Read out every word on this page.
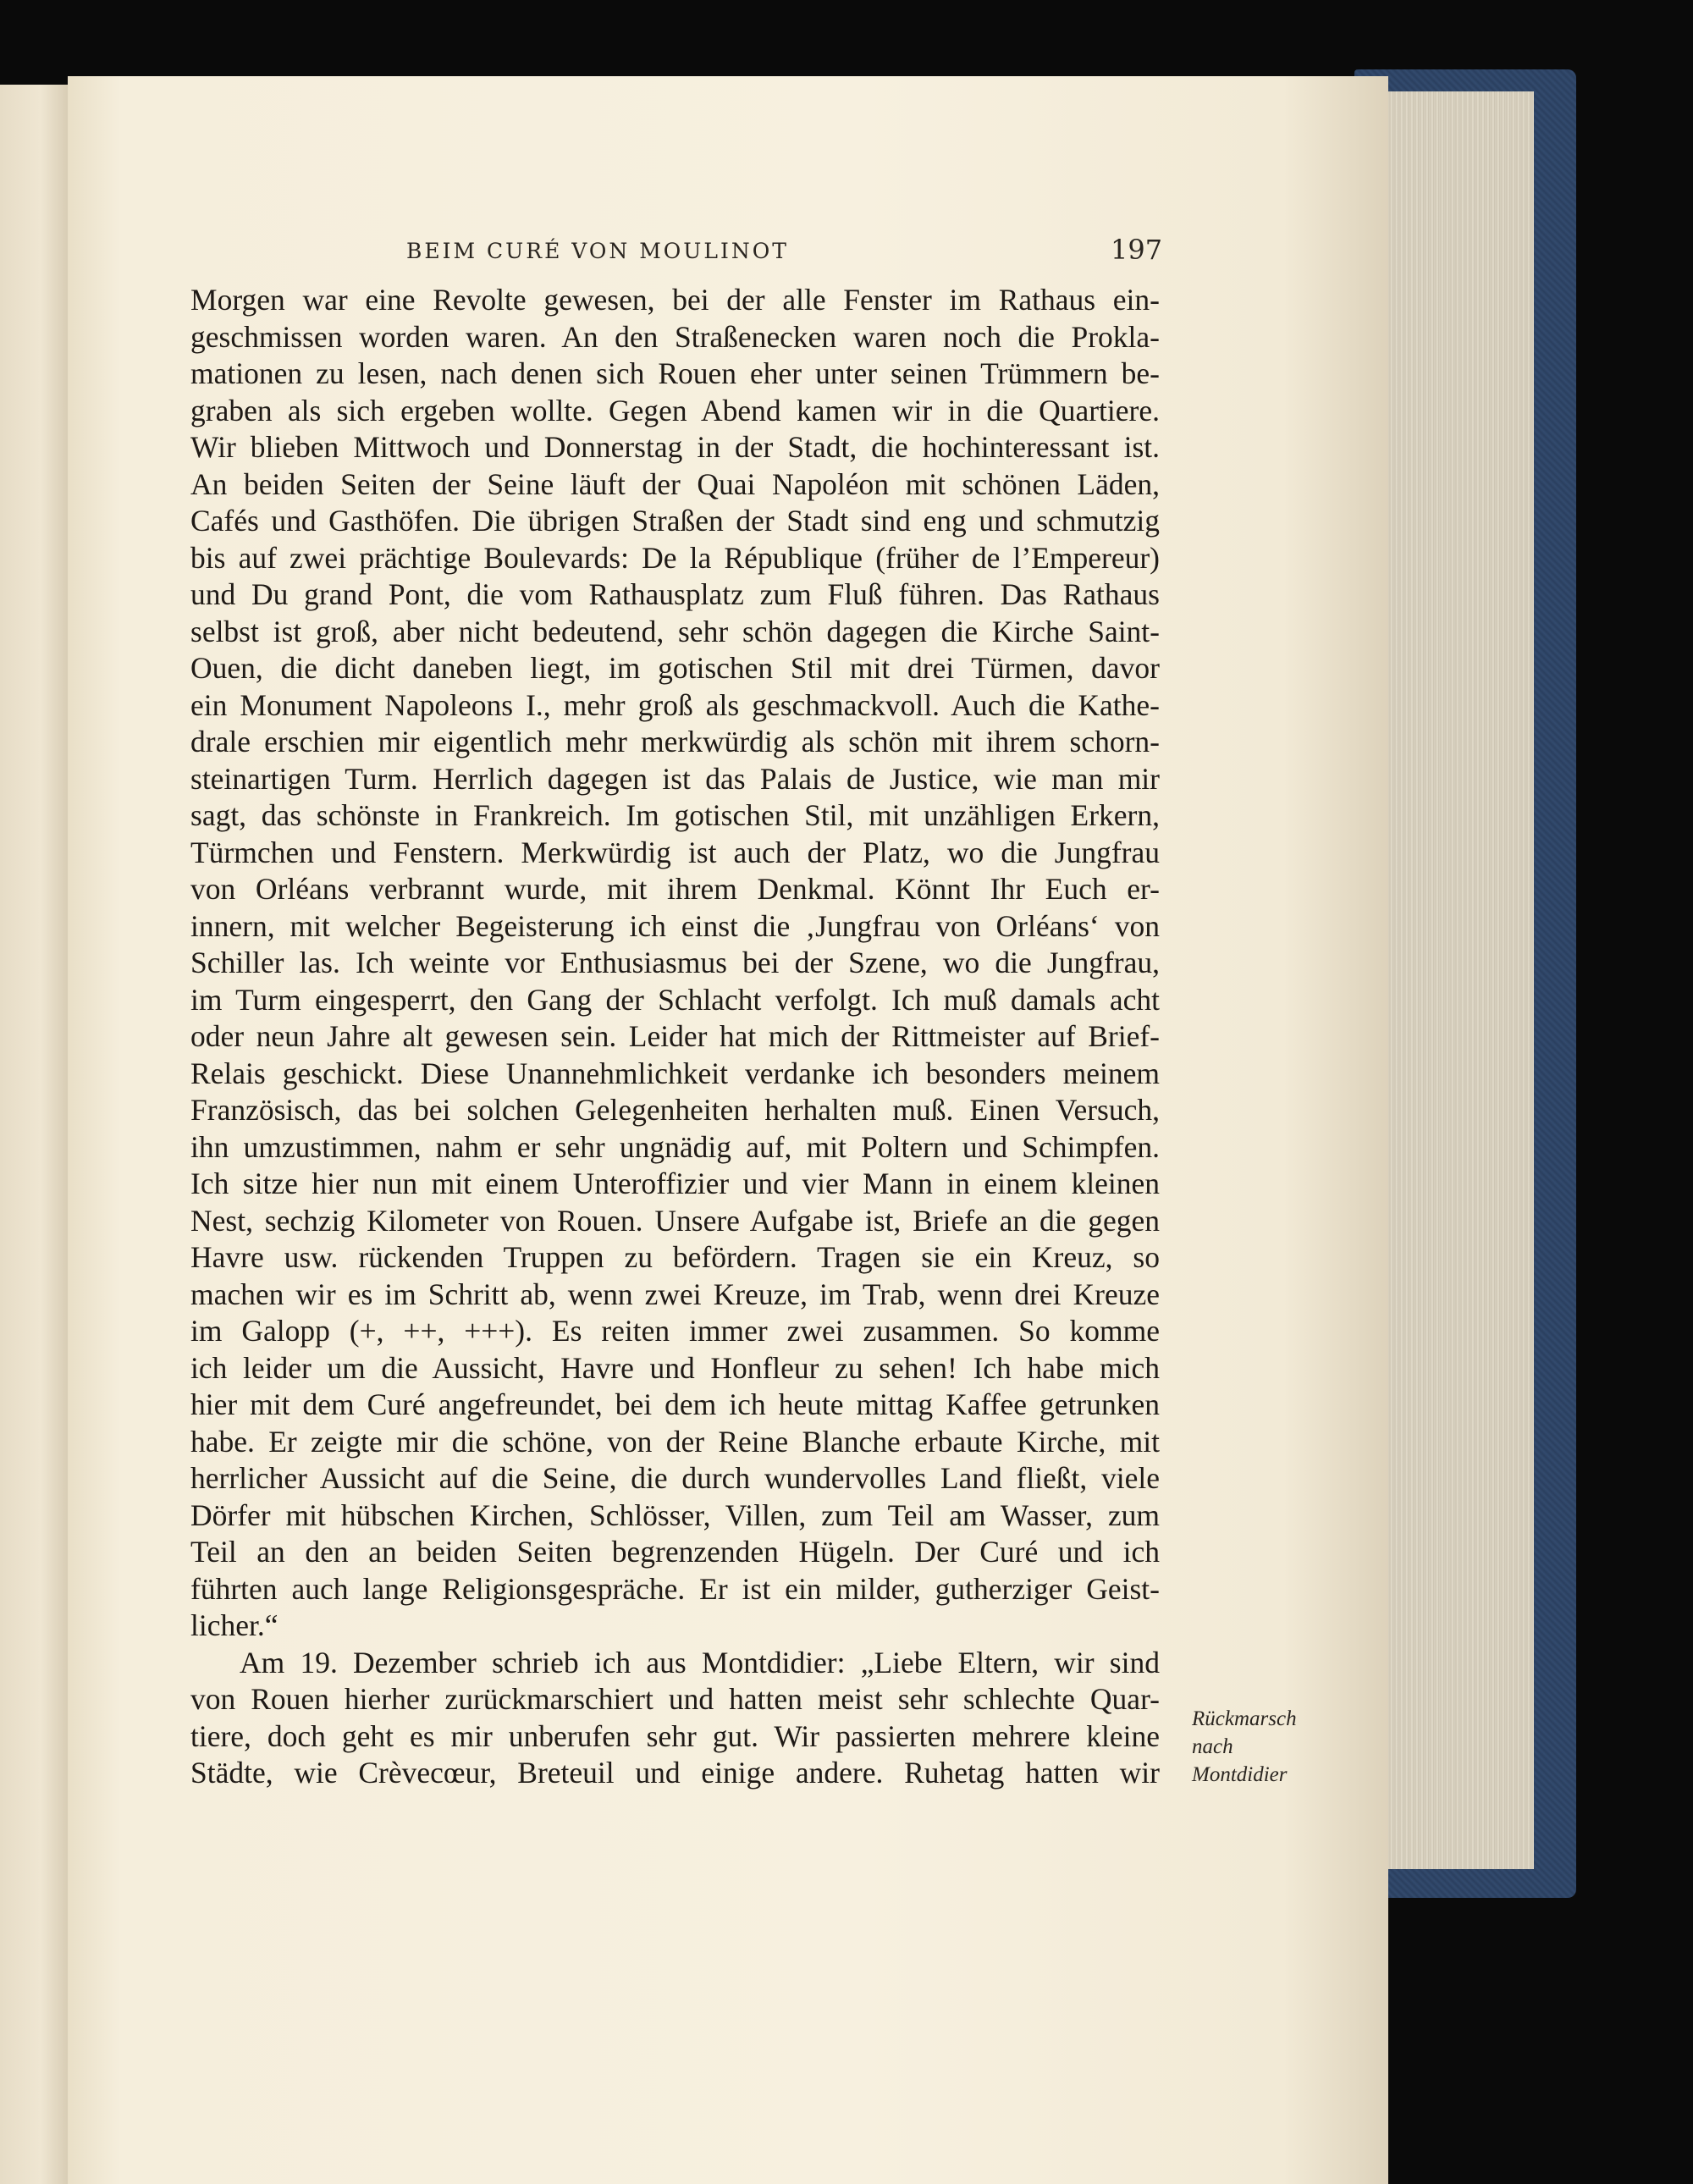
BEIM CURÉ VON MOULINOT	197
Morgen war eine Revolte gewesen, bei der alle Fenster im Rathaus ein-
geschmissen worden waren. An den Straßenecken waren noch die Prokla-
mationen zu lesen, nach denen sich Rouen eher unter seinen Trümmern be-
graben als sich ergeben wollte. Gegen Abend kamen wir in die Quartiere.
Wir blieben Mittwoch und Donnerstag in der Stadt, die hochinteressant ist.
An beiden Seiten der Seine läuft der Quai Napoléon mit schönen Läden,
Cafés und Gasthöfen. Die übrigen Straßen der Stadt sind eng und schmutzig
bis auf zwei prächtige Boulevards: De la République (früher de l’Empereur)
und Du grand Pont, die vom Rathausplatz zum Fluß führen. Das Rathaus
selbst ist groß, aber nicht bedeutend, sehr schön dagegen die Kirche Saint-
Ouen, die dicht daneben liegt, im gotischen Stil mit drei Türmen, davor
ein Monument Napoleons I., mehr groß als geschmackvoll. Auch die Kathe-
drale erschien mir eigentlich mehr merkwürdig als schön mit ihrem schorn-
steinartigen Turm. Herrlich dagegen ist das Palais de Justice, wie man mir
sagt, das schönste in Frankreich. Im gotischen Stil, mit unzähligen Erkern,
Türmchen und Fenstern. Merkwürdig ist auch der Platz, wo die Jungfrau
von Orléans verbrannt wurde, mit ihrem Denkmal. Könnt Ihr Euch er-
innern, mit welcher Begeisterung ich einst die ‚Jungfrau von Orléans‘ von
Schiller las. Ich weinte vor Enthusiasmus bei der Szene, wo die Jungfrau,
im Turm eingesperrt, den Gang der Schlacht verfolgt. Ich muß damals acht
oder neun Jahre alt gewesen sein. Leider hat mich der Rittmeister auf Brief-
Relais geschickt. Diese Unannehmlichkeit verdanke ich besonders meinem
Französisch, das bei solchen Gelegenheiten herhalten muß. Einen Versuch,
ihn umzustimmen, nahm er sehr ungnädig auf, mit Poltern und Schimpfen.
Ich sitze hier nun mit einem Unteroffizier und vier Mann in einem kleinen
Nest, sechzig Kilometer von Rouen. Unsere Aufgabe ist, Briefe an die gegen
Havre usw. rückenden Truppen zu befördern. Tragen sie ein Kreuz, so
machen wir es im Schritt ab, wenn zwei Kreuze, im Trab, wenn drei Kreuze
im Galopp (+, ++, +++). Es reiten immer zwei zusammen. So komme
ich leider um die Aussicht, Havre und Honfleur zu sehen! Ich habe mich
hier mit dem Curé angefreundet, bei dem ich heute mittag Kaffee getrunken
habe. Er zeigte mir die schöne, von der Reine Blanche erbaute Kirche, mit
herrlicher Aussicht auf die Seine, die durch wundervolles Land fließt, viele
Dörfer mit hübschen Kirchen, Schlösser, Villen, zum Teil am Wasser, zum
Teil an den an beiden Seiten begrenzenden Hügeln. Der Curé und ich
führten auch lange Religionsgespräche. Er ist ein milder, gutherziger Geist-
licher.“
Am 19. Dezember schrieb ich aus Montdidier: „Liebe Eltern, wir sind
von Rouen hierher zurückmarschiert und hatten meist sehr schlechte Quar-
tiere, doch geht es mir unberufen sehr gut. Wir passierten mehrere kleine
Städte, wie Crèvecœur, Breteuil und einige andere. Ruhetag hatten wir
Rückmarsch
nach
Montdidier
